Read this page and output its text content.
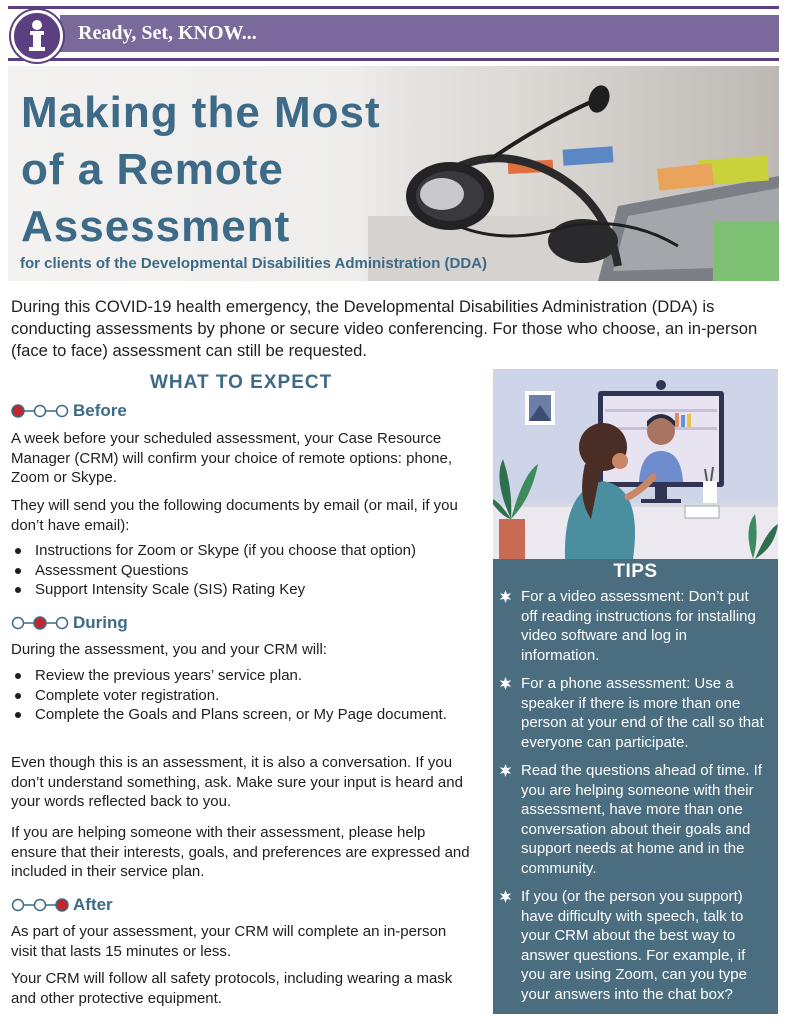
Ready, Set, KNOW...
Making the Most
of a Remote
Assessment
for clients of the Developmental Disabilities Administration (DDA)
During this COVID-19 health emergency, the Developmental Disabilities Administration (DDA) is conducting assessments by phone or secure video conferencing. For those who choose, an in-person (face to face) assessment can still be requested.
WHAT TO EXPECT
Before

A week before your scheduled assessment, your Case Resource Manager (CRM) will confirm your choice of remote options: phone, Zoom or Skype.

They will send you the following documents by email (or mail, if you don’t have email):

Instructions for Zoom or Skype (if you choose that option)
Assessment Questions
Support Intensity Scale (SIS) Rating Key
During

During the assessment, you and your CRM will:

Review the previous years’ service plan.
Complete voter registration.
Complete the Goals and Plans screen, or My Page document.

Even though this is an assessment, it is also a conversation. If you don’t understand something, ask. Make sure your input is heard and your words reflected back to you.

If you are helping someone with their assessment, please help ensure that their interests, goals, and preferences are expressed and included in their service plan.

After

As part of your assessment, your CRM will complete an in-person visit that lasts 15 minutes or less.

Your CRM will follow all safety protocols, including wearing a mask and other protective equipment.

TIPS
For a video assessment: Don’t put off reading instructions for installing video software and log in information.
For a phone assessment: Use a speaker if there is more than one person at your end of the call so that everyone can participate.
Read the questions ahead of time. If you are helping someone with their assessment, have more than one conversation about their goals and support needs at home and in the community.
If you (or the person you support) have difficulty with speech, talk to your CRM about the best way to answer questions. For example, if you are using Zoom, can you type your answers into the chat box?
